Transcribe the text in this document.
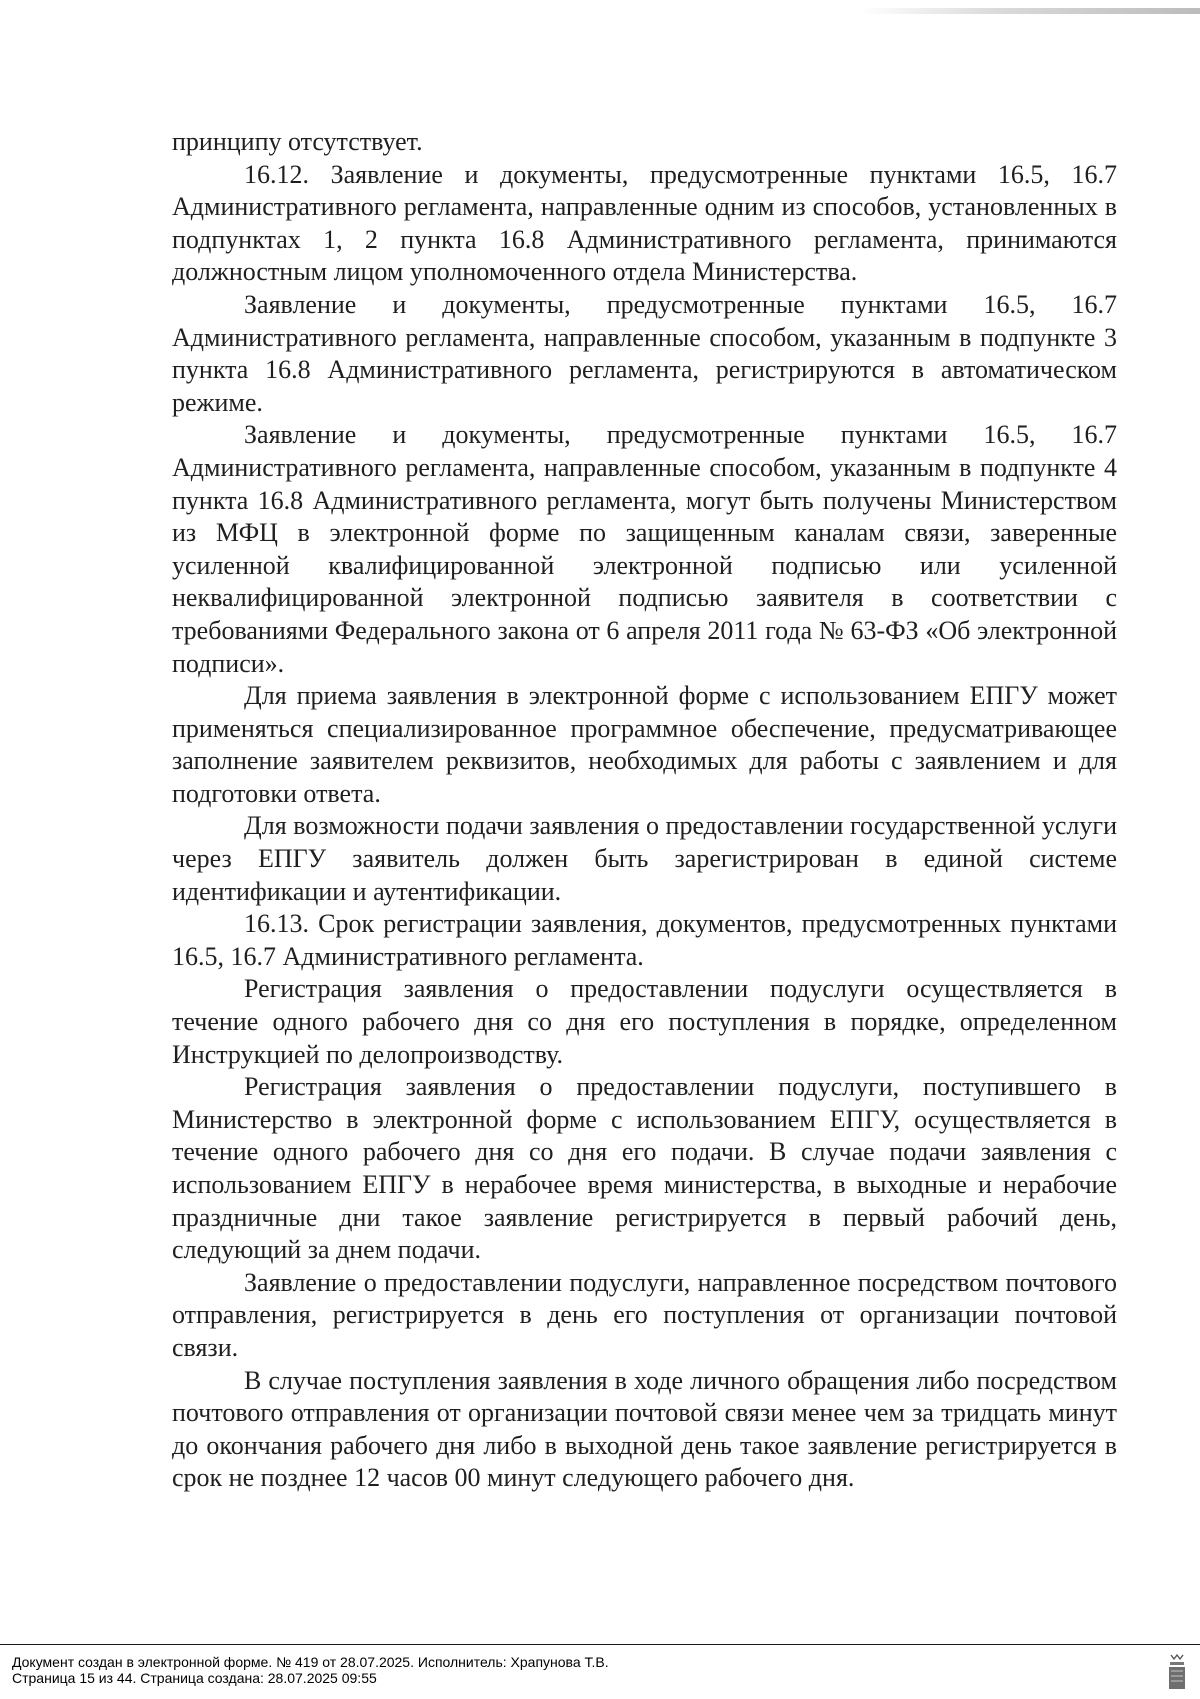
принципу отсутствует.

16.12. Заявление и документы, предусмотренные пунктами 16.5, 16.7 Административного регламента, направленные одним из способов, установленных в подпунктах 1, 2 пункта 16.8 Административного регламента, принимаются должностным лицом уполномоченного отдела Министерства.

Заявление и документы, предусмотренные пунктами 16.5, 16.7 Административного регламента, направленные способом, указанным в подпункте 3 пункта 16.8 Административного регламента, регистрируются в автоматическом режиме.

Заявление и документы, предусмотренные пунктами 16.5, 16.7 Административного регламента, направленные способом, указанным в подпункте 4 пункта 16.8 Административного регламента, могут быть получены Министерством из МФЦ в электронной форме по защищенным каналам связи, заверенные усиленной квалифицированной электронной подписью или усиленной неквалифицированной электронной подписью заявителя в соответствии с требованиями Федерального закона от 6 апреля 2011 года № 63-ФЗ «Об электронной подписи».

Для приема заявления в электронной форме с использованием ЕПГУ может применяться специализированное программное обеспечение, предусматривающее заполнение заявителем реквизитов, необходимых для работы с заявлением и для подготовки ответа.

Для возможности подачи заявления о предоставлении государственной услуги через ЕПГУ заявитель должен быть зарегистрирован в единой системе идентификации и аутентификации.

16.13. Срок регистрации заявления, документов, предусмотренных пунктами 16.5, 16.7 Административного регламента.

Регистрация заявления о предоставлении подуслуги осуществляется в течение одного рабочего дня со дня его поступления в порядке, определенном Инструкцией по делопроизводству.

Регистрация заявления о предоставлении подуслуги, поступившего в Министерство в электронной форме с использованием ЕПГУ, осуществляется в течение одного рабочего дня со дня его подачи. В случае подачи заявления с использованием ЕПГУ в нерабочее время министерства, в выходные и нерабочие праздничные дни такое заявление регистрируется в первый рабочий день, следующий за днем подачи.

Заявление о предоставлении подуслуги, направленное посредством почтового отправления, регистрируется в день его поступления от организации почтовой связи.

В случае поступления заявления в ходе личного обращения либо посредством почтового отправления от организации почтовой связи менее чем за тридцать минут до окончания рабочего дня либо в выходной день такое заявление регистрируется в срок не позднее 12 часов 00 минут следующего рабочего дня.

Документ создан в электронной форме. № 419 от 28.07.2025. Исполнитель: Храпунова Т.В.
Страница 15 из 44. Страница создана: 28.07.2025 09:55
